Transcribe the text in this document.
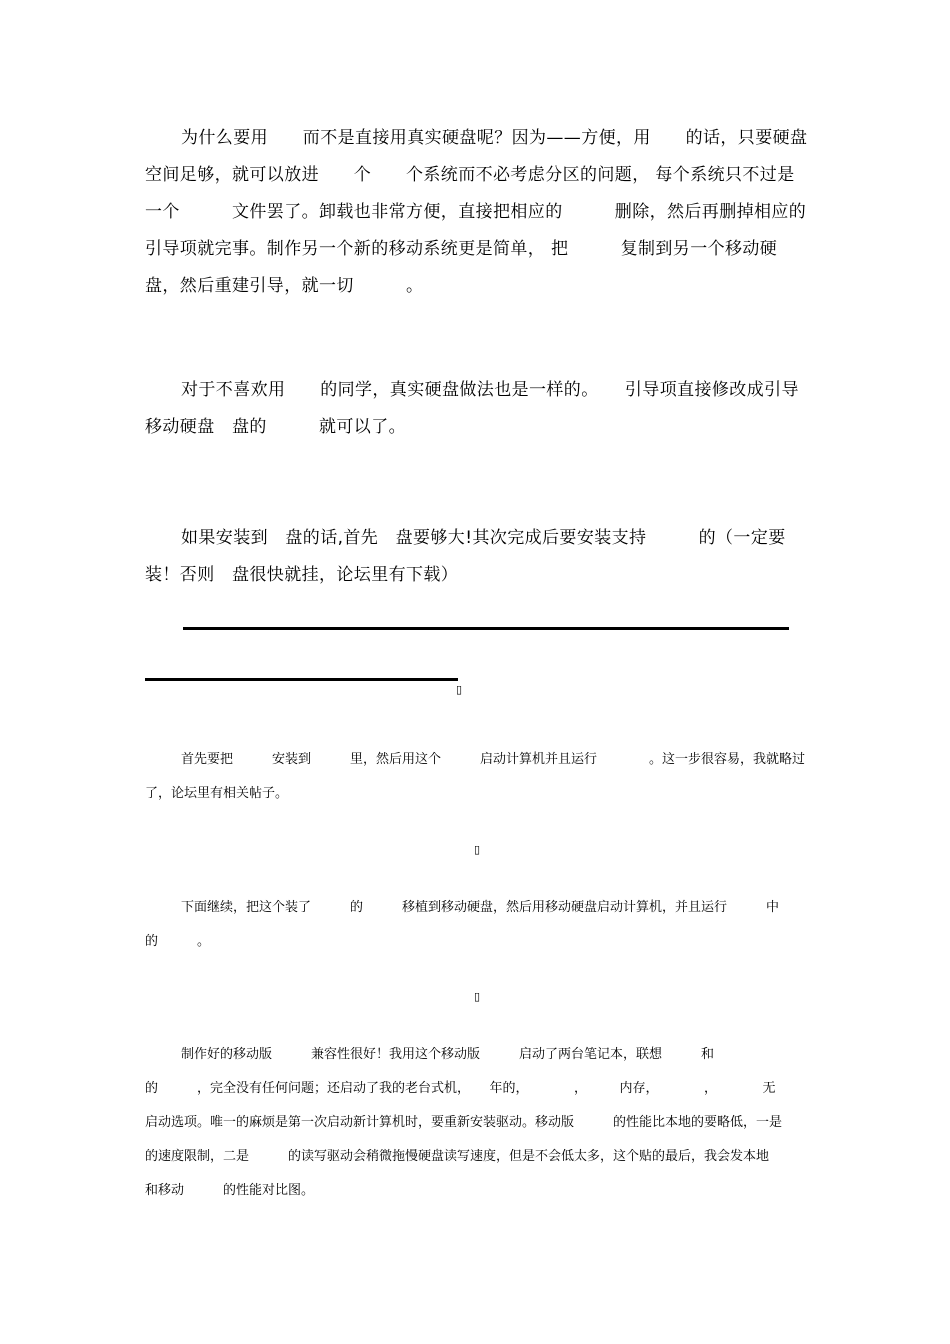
为什么要用　　而不是直接用真实硬盘呢？因为——方便，用　　的话，只要硬盘空间足够，就可以放进　　个　　个系统而不必考虑分区的问题， 每个系统只不过是一个　　　文件罢了。卸载也非常方便，直接把相应的　　　删除，然后再删掉相应的　　　引导项就完事。制作另一个新的移动系统更是简单， 把　　　复制到另一个移动硬盘，然后重建引导，就一切　　　。

对于不喜欢用　　的同学，真实硬盘做法也是一样的。　　引导项直接修改成引导移动硬盘　盘的　　　就可以了。

如果安装到　盘的话,首先　盘要够大!其次完成后要安装支持　　　的（一定要装！否则　盘很快就挂，论坛里有下载）

▯

首先要把　　　安装到　　　里，然后用这个　　　启动计算机并且运行　　　　。这一步很容易，我就略过了，论坛里有相关帖子。

下面继续，把这个装了　　　的　　　移植到移动硬盘，然后用移动硬盘启动计算机，并且运行　　　中的　　　。

制作好的移动版　　　兼容性很好！我用这个移动版　　　启动了两台笔记本，联想　　　和　　　　的　　　，完全没有任何问题；还启动了我的老台式机，　　年的，　　　　，　　　内存，　　　　，　　　　无　　　启动选项。唯一的麻烦是第一次启动新计算机时，要重新安装驱动。移动版　　　的性能比本地的要略低，一是　　　　的速度限制，二是　　　的读写驱动会稍微拖慢硬盘读写速度，但是不会低太多，这个贴的最后，我会发本地　　　和移动　　　的性能对比图。

▯
▯
